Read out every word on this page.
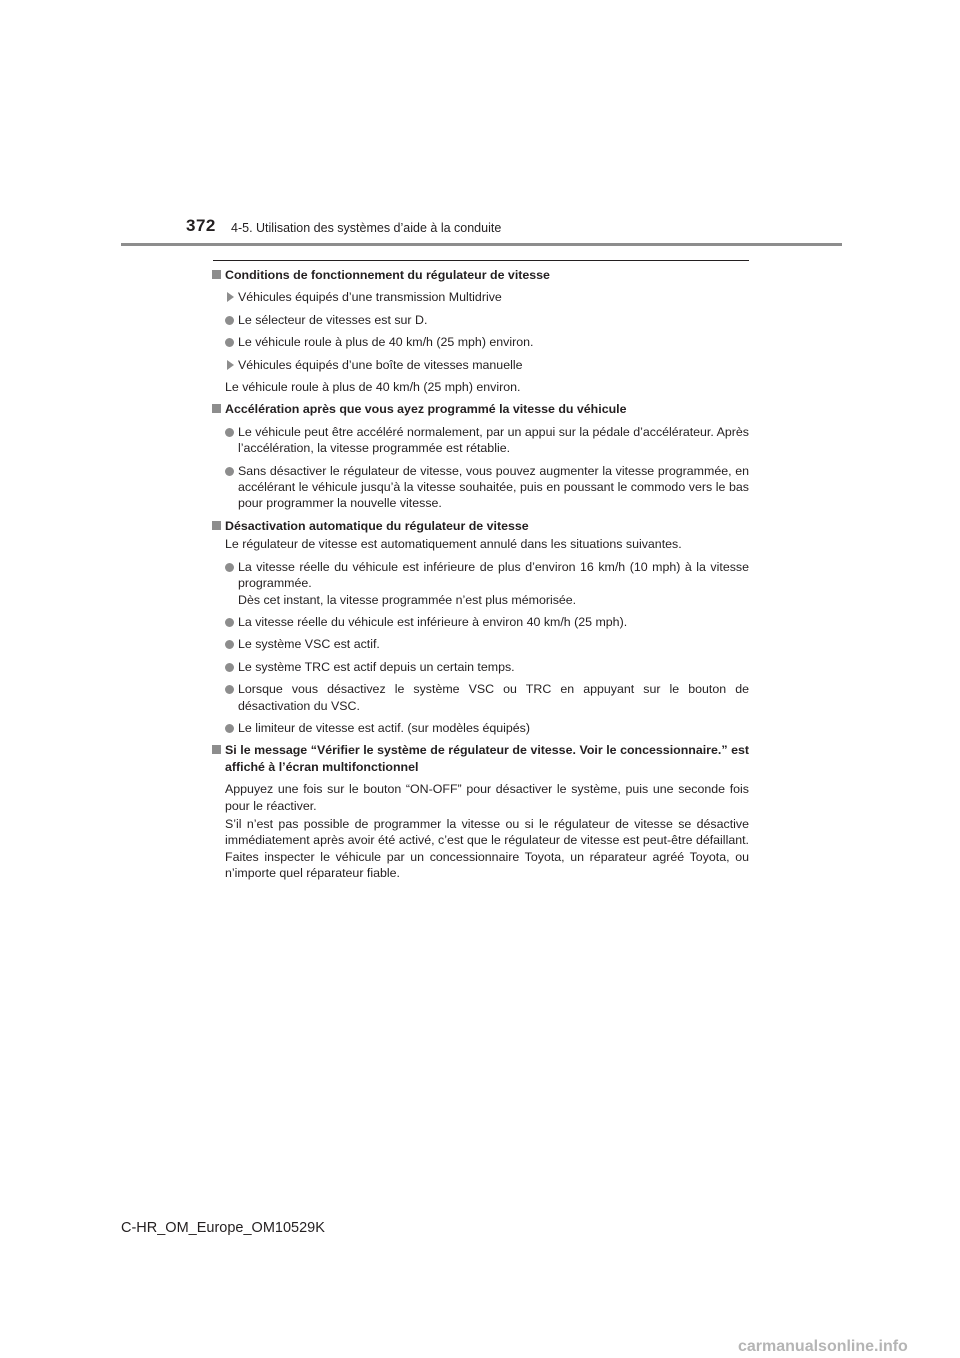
372 4-5. Utilisation des systèmes d’aide à la conduite
Conditions de fonctionnement du régulateur de vitesse
Véhicules équipés d’une transmission Multidrive
Le sélecteur de vitesses est sur D.
Le véhicule roule à plus de 40 km/h (25 mph) environ.
Véhicules équipés d’une boîte de vitesses manuelle
Le véhicule roule à plus de 40 km/h (25 mph) environ.
Accélération après que vous ayez programmé la vitesse du véhicule
Le véhicule peut être accéléré normalement, par un appui sur la pédale d’accélérateur. Après l’accélération, la vitesse programmée est rétablie.
Sans désactiver le régulateur de vitesse, vous pouvez augmenter la vitesse programmée, en accélérant le véhicule jusqu’à la vitesse souhaitée, puis en poussant le commodo vers le bas pour programmer la nouvelle vitesse.
Désactivation automatique du régulateur de vitesse
Le régulateur de vitesse est automatiquement annulé dans les situations suivantes.
La vitesse réelle du véhicule est inférieure de plus d’environ 16 km/h (10 mph) à la vitesse programmée.
Dès cet instant, la vitesse programmée n’est plus mémorisée.
La vitesse réelle du véhicule est inférieure à environ 40 km/h (25 mph).
Le système VSC est actif.
Le système TRC est actif depuis un certain temps.
Lorsque vous désactivez le système VSC ou TRC en appuyant sur le bouton de désactivation du VSC.
Le limiteur de vitesse est actif. (sur modèles équipés)
Si le message “Vérifier le système de régulateur de vitesse. Voir le concessionnaire.” est affiché à l’écran multifonctionnel
Appuyez une fois sur le bouton “ON-OFF” pour désactiver le système, puis une seconde fois pour le réactiver.
S’il n’est pas possible de programmer la vitesse ou si le régulateur de vitesse se désactive immédiatement après avoir été activé, c’est que le régulateur de vitesse est peut-être défaillant. Faites inspecter le véhicule par un concessionnaire Toyota, un réparateur agréé Toyota, ou n’importe quel réparateur fiable.
C-HR_OM_Europe_OM10529K
carmanualsonline.info
